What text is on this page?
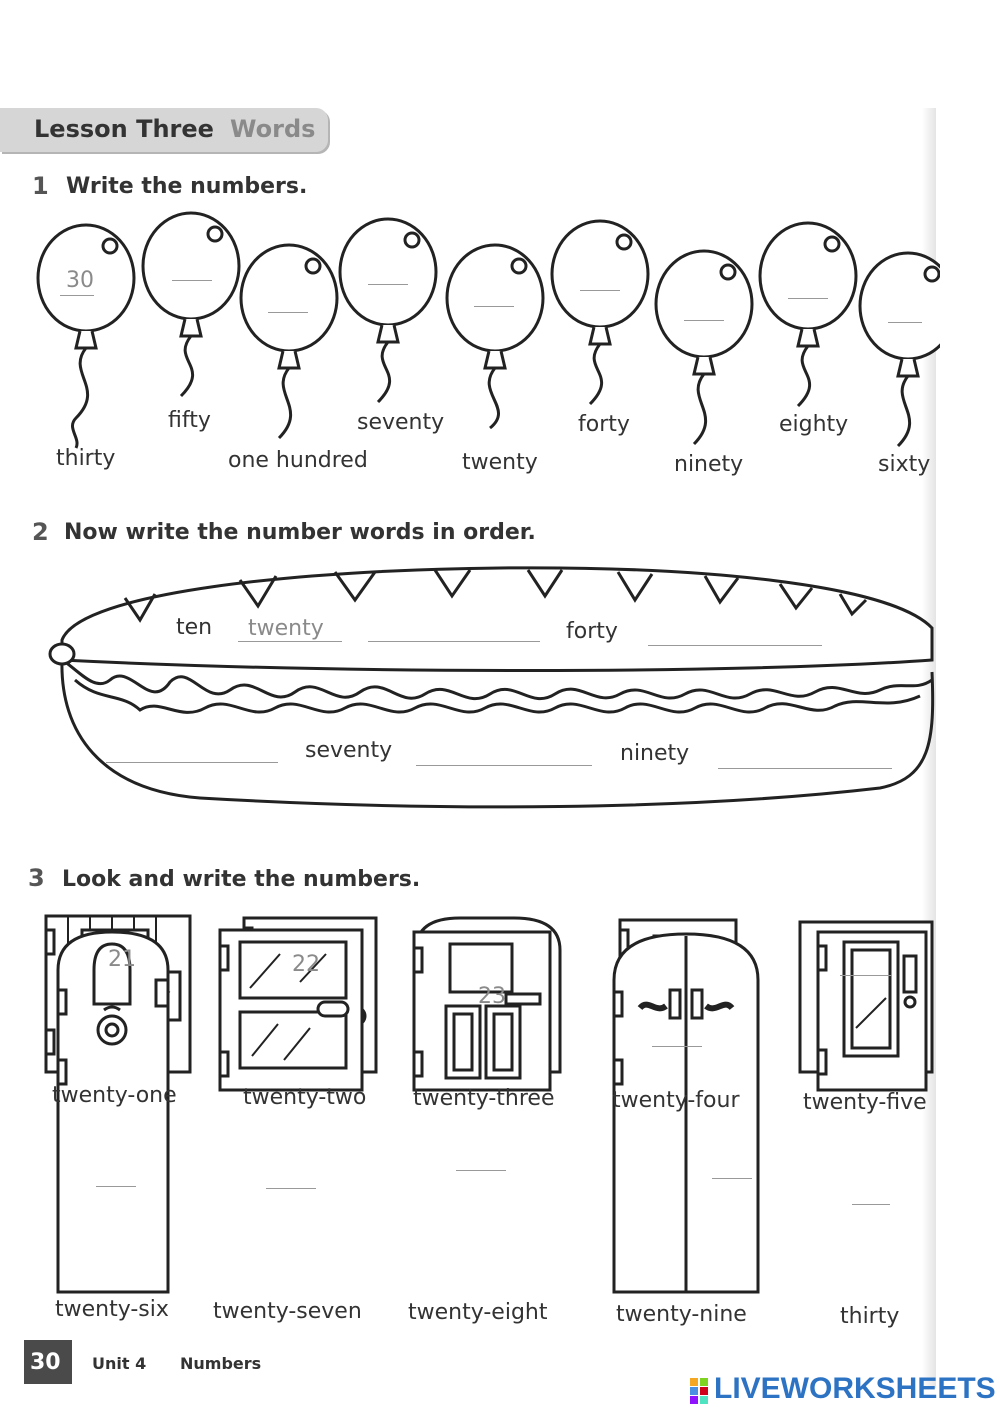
Lesson Three Words
1 Write the numbers.
30
thirty
fifty
one hundred
seventy
twenty
forty
ninety
eighty
sixty
2 Now write the number words in order.
ten twenty	forty
seventy	ninety
3 Look and write the numbers.
21	22
23
twenty-one	twenty-two twenty-three	twenty-four	twenty-five
twenty-six twenty-seven twenty-eight	twenty-nine	thirty
30 Unit 4 Numbers
LIVEWORKSHEETS
